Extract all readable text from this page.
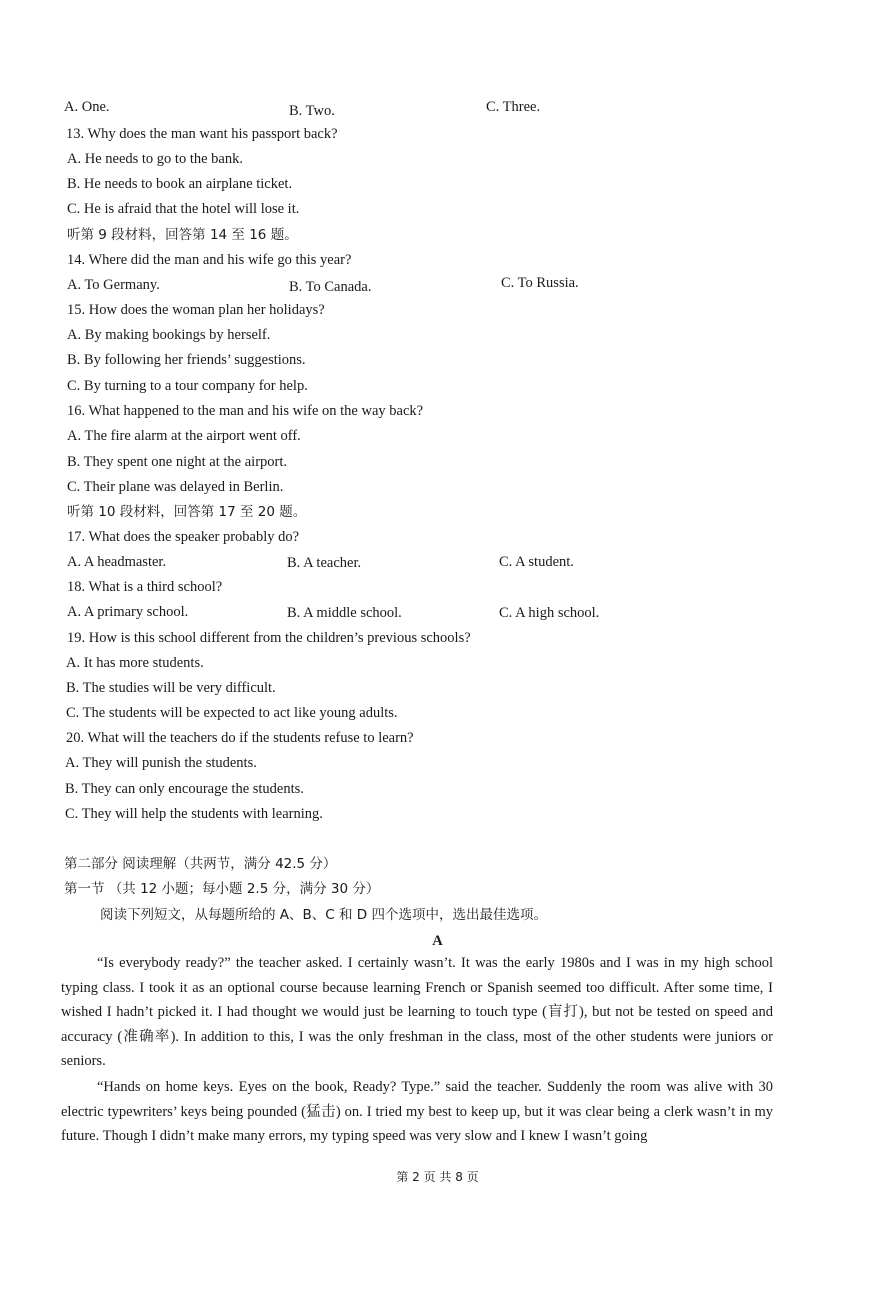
A. One.	B. Two.	C. Three.
13. Why does the man want his passport back?
A. He needs to go to the bank.
B. He needs to book an airplane ticket.
C. He is afraid that the hotel will lose it.
听第 9 段材料，回答第 14 至 16 题。
14. Where did the man and his wife go this year?
A. To Germany.	B. To Canada.	C. To Russia.
15. How does the woman plan her holidays?
A. By making bookings by herself.
B. By following her friends’ suggestions.
C. By turning to a tour company for help.
16. What happened to the man and his wife on the way back?
A. The fire alarm at the airport went off.
B. They spent one night at the airport.
C. Their plane was delayed in Berlin.
听第 10 段材料，回答第 17 至 20 题。
17. What does the speaker probably do?
A. A headmaster.	B. A teacher.	C. A student.
18. What is a third school?
A. A primary school.	B. A middle school.	C. A high school.
19. How is this school different from the children’s previous schools?
A. It has more students.
B. The studies will be very difficult.
C. The students will be expected to act like young adults.
20. What will the teachers do if the students refuse to learn?
A. They will punish the students.
B. They can only encourage the students.
C. They will help the students with learning.
第二部分 阅读理解（共两节，满分 42.5 分）
第一节 （共 12 小题；每小题 2.5 分，满分 30 分）
阅读下列短文，从每题所给的 A、B、C 和 D 四个选项中，选出最佳选项。
A

“Is everybody ready?” the teacher asked. I certainly wasn’t. It was the early 1980s and I was in my high school typing class. I took it as an optional course because learning French or Spanish seemed too difficult. After some time, I wished I hadn’t picked it. I had thought we would just be learning to touch type (盲打), but not be tested on speed and accuracy (准确率). In addition to this, I was the only freshman in the class, most of the other students were juniors or seniors.

“Hands on home keys. Eyes on the book, Ready? Type.” said the teacher. Suddenly the room was alive with 30 electric typewriters’ keys being pounded (猛击) on. I tried my best to keep up, but it was clear being a clerk wasn’t in my future. Though I didn’t make many errors, my typing speed was very slow and I knew I wasn’t going

第 2 页 共 8 页
